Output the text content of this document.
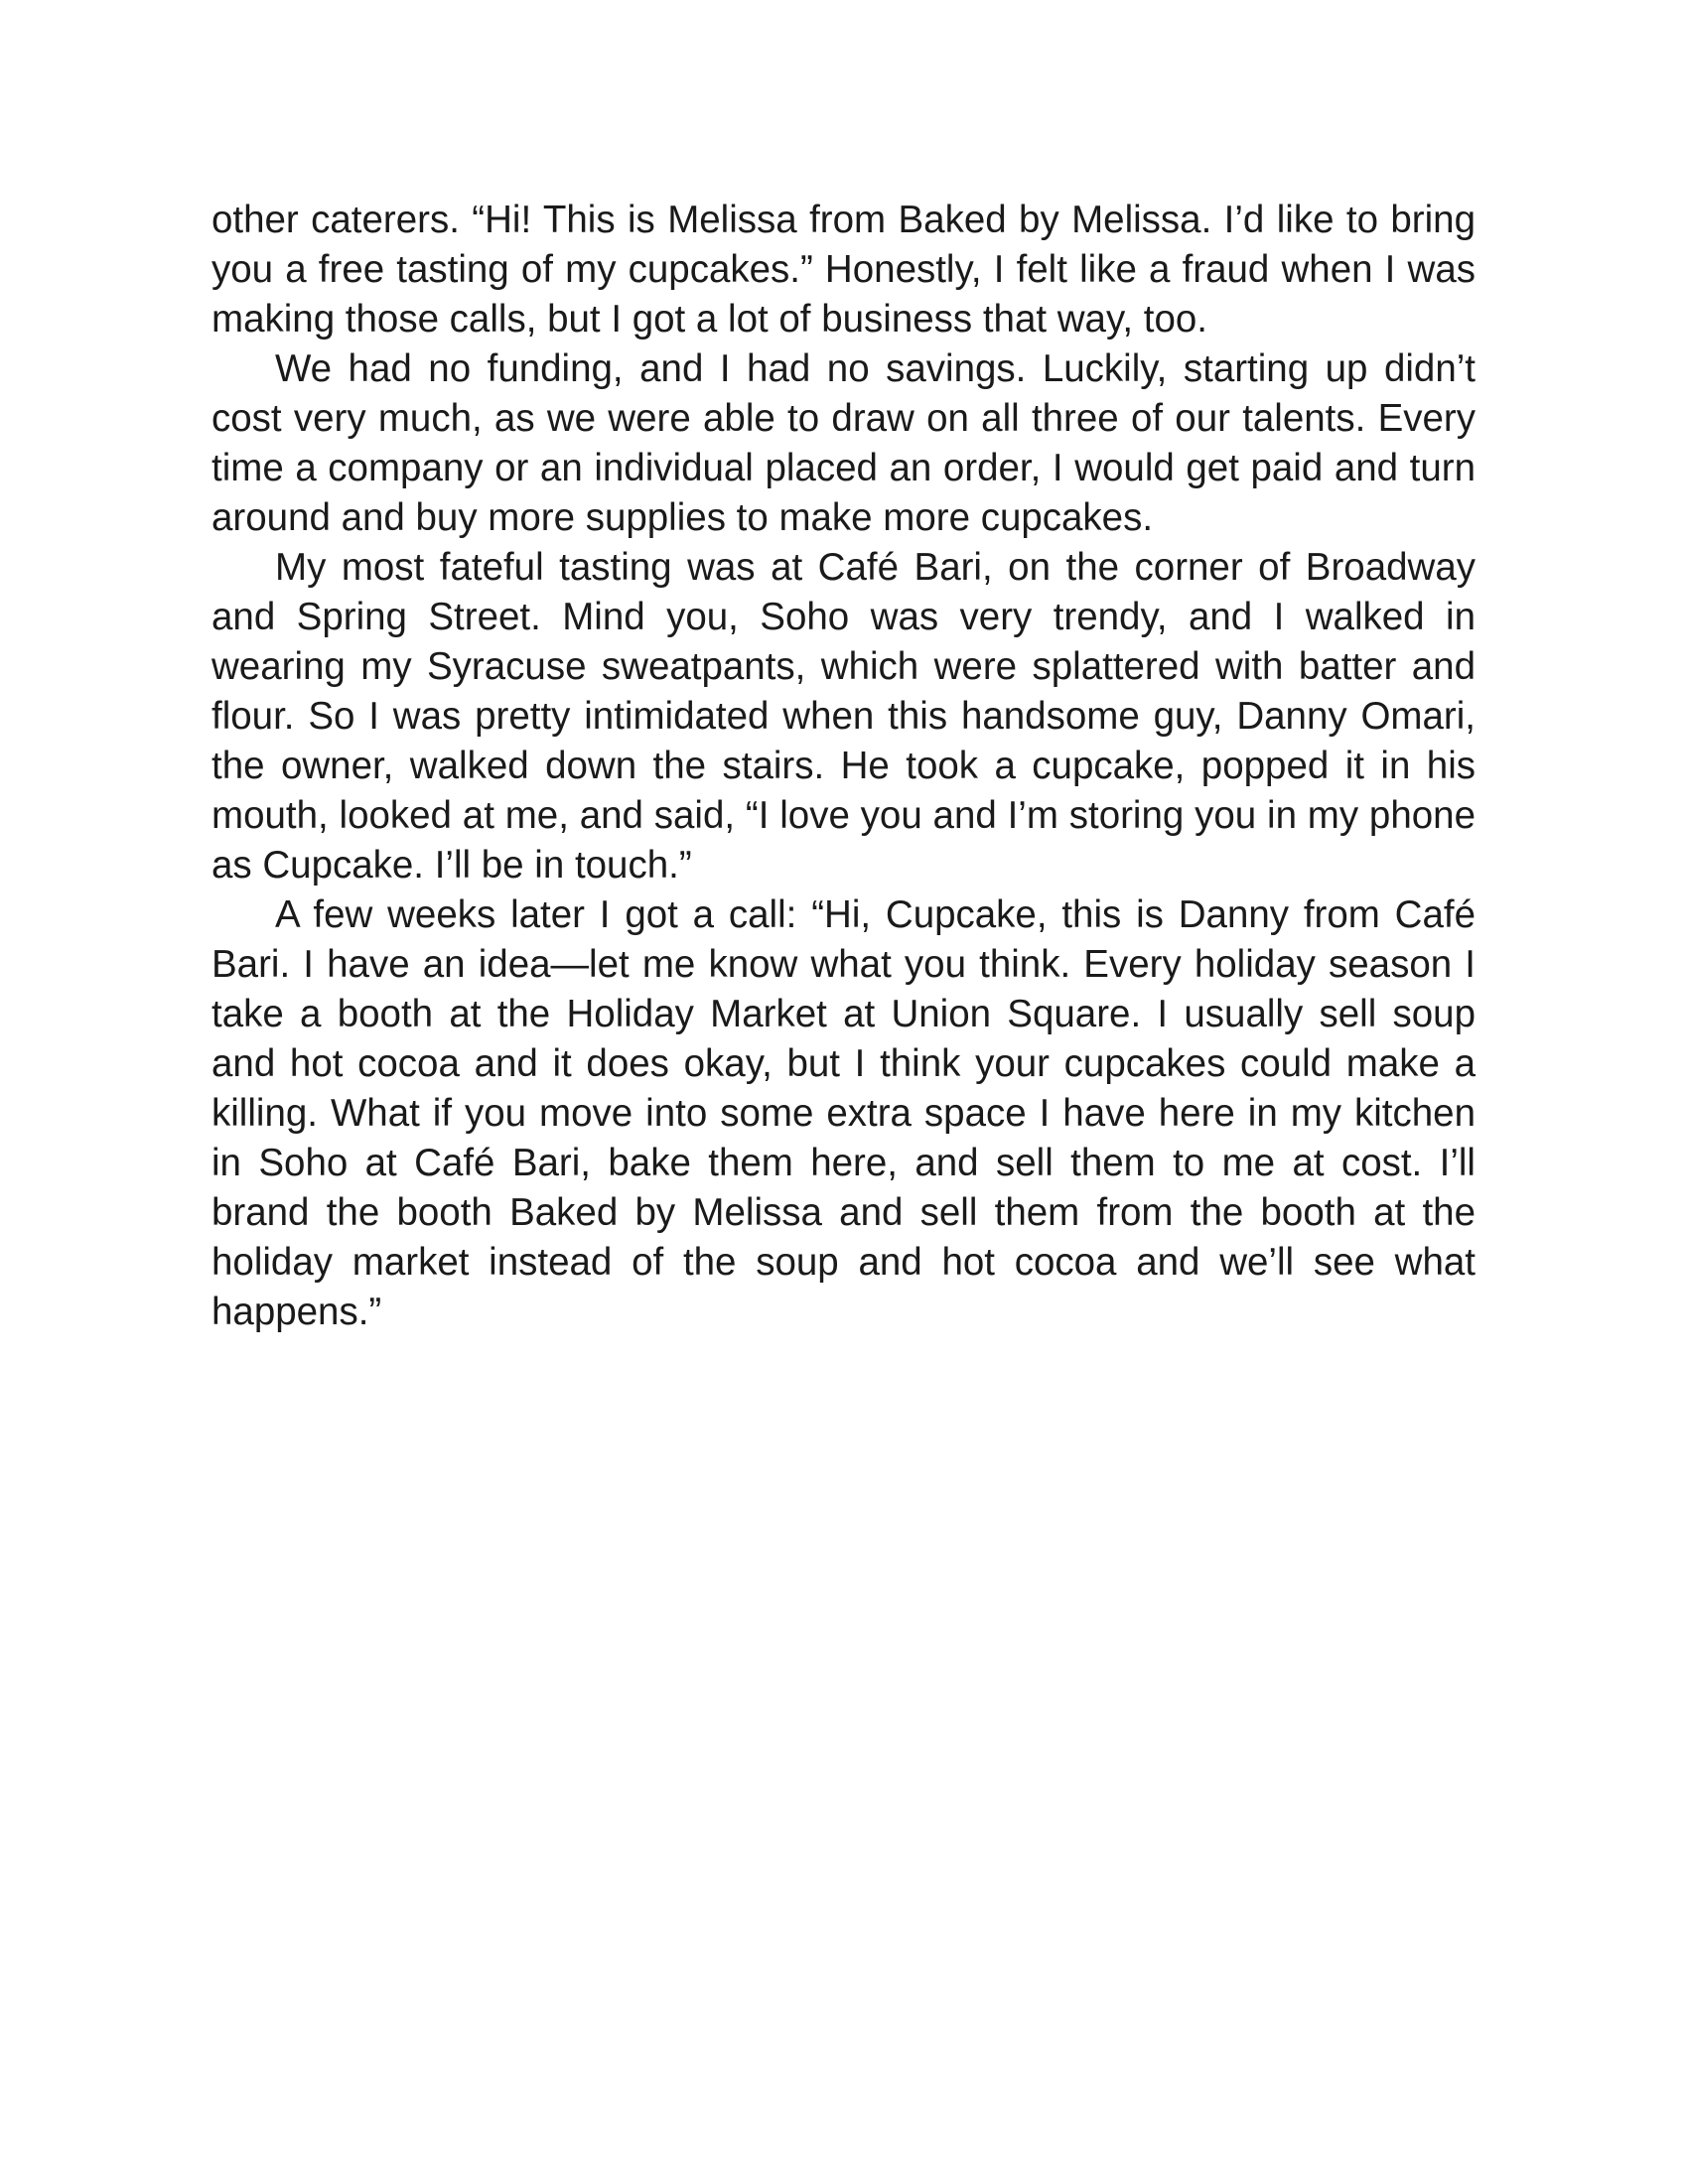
other caterers. “Hi! This is Melissa from Baked by Melissa. I’d like to bring you a free tasting of my cupcakes.” Honestly, I felt like a fraud when I was making those calls, but I got a lot of business that way, too.

We had no funding, and I had no savings. Luckily, starting up didn’t cost very much, as we were able to draw on all three of our talents. Every time a company or an individual placed an order, I would get paid and turn around and buy more supplies to make more cupcakes.

My most fateful tasting was at Café Bari, on the corner of Broadway and Spring Street. Mind you, Soho was very trendy, and I walked in wearing my Syracuse sweatpants, which were splattered with batter and flour. So I was pretty intimidated when this handsome guy, Danny Omari, the owner, walked down the stairs. He took a cupcake, popped it in his mouth, looked at me, and said, “I love you and I’m storing you in my phone as Cupcake. I’ll be in touch.”

A few weeks later I got a call: “Hi, Cupcake, this is Danny from Café Bari. I have an idea—let me know what you think. Every holiday season I take a booth at the Holiday Market at Union Square. I usually sell soup and hot cocoa and it does okay, but I think your cupcakes could make a killing. What if you move into some extra space I have here in my kitchen in Soho at Café Bari, bake them here, and sell them to me at cost. I’ll brand the booth Baked by Melissa and sell them from the booth at the holiday market instead of the soup and hot cocoa and we’ll see what happens.”
